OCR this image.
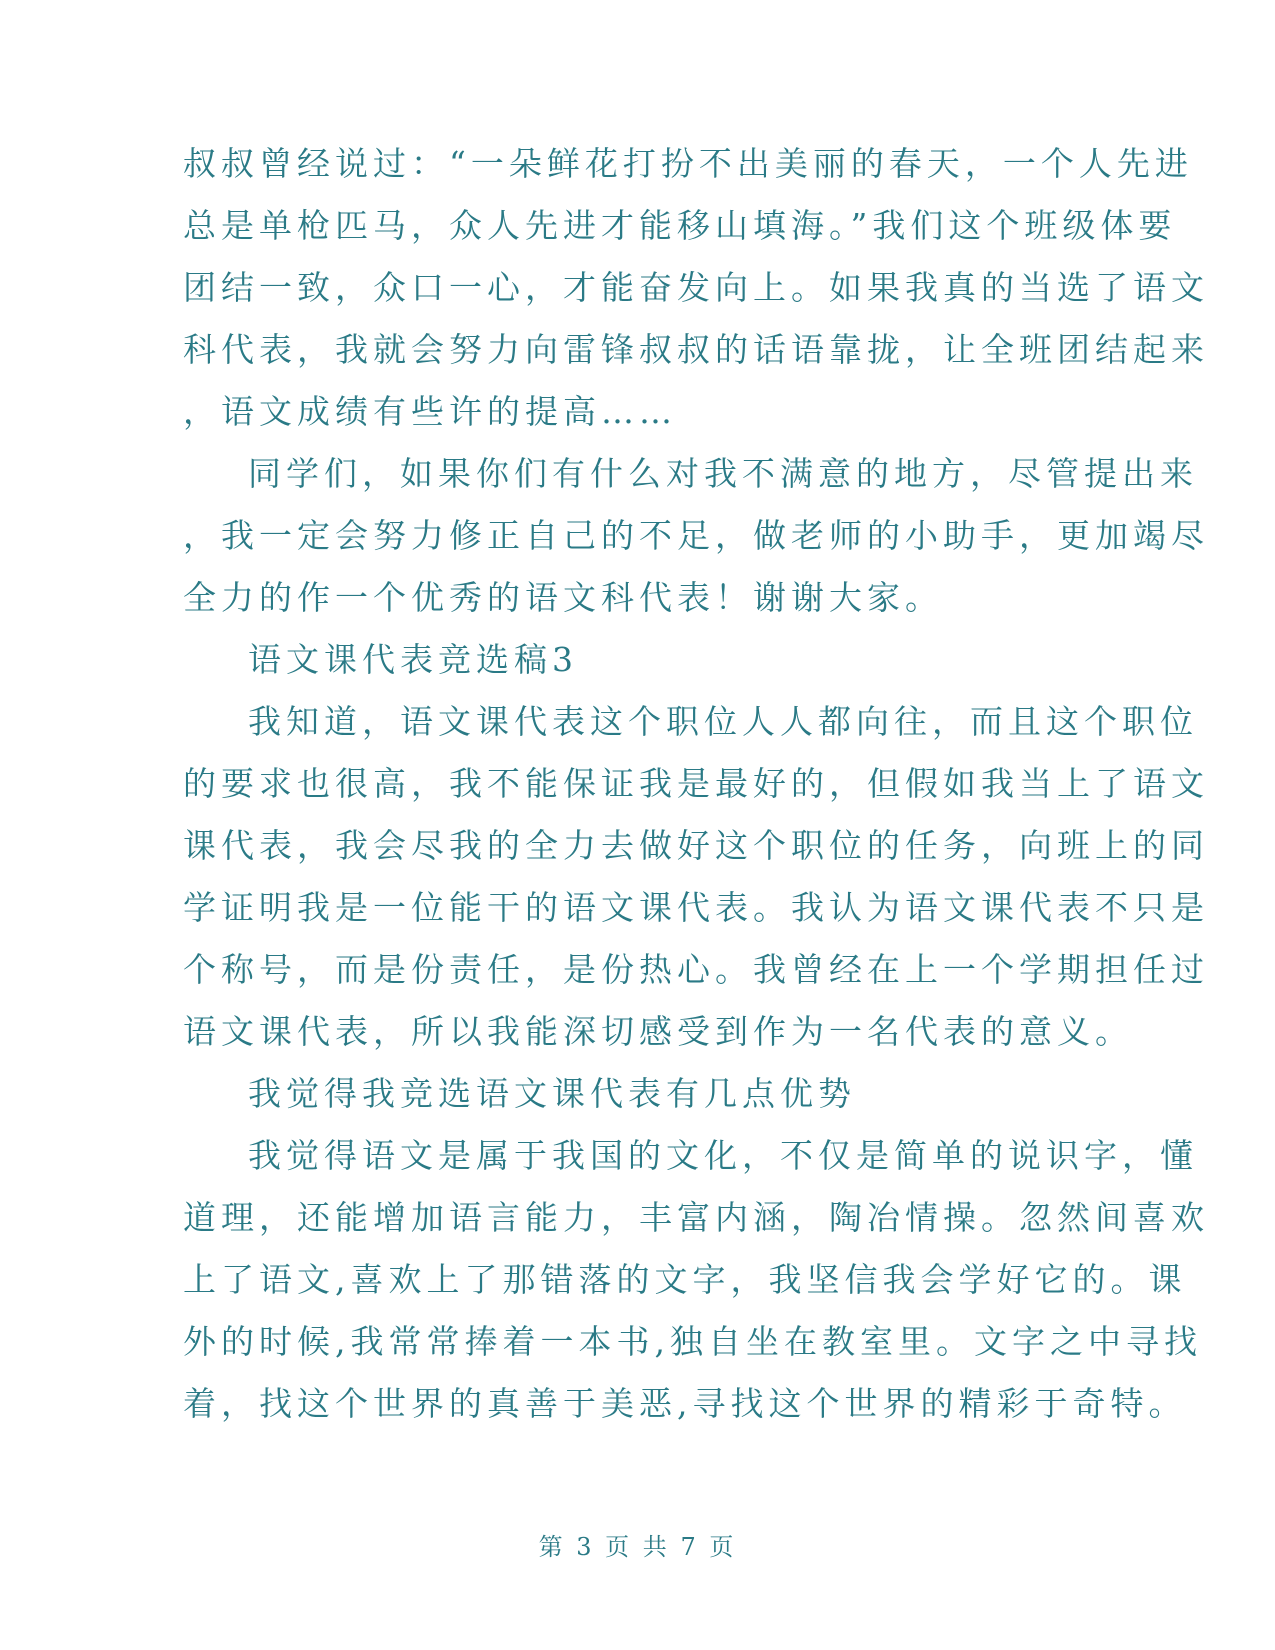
叔叔曾经说过：“一朵鲜花打扮不出美丽的春天，一个人先进
总是单枪匹马，众人先进才能移山填海。”我们这个班级体要
团结一致，众口一心，才能奋发向上。如果我真的当选了语文
科代表，我就会努力向雷锋叔叔的话语靠拢，让全班团结起来
，语文成绩有些许的提高……
同学们，如果你们有什么对我不满意的地方，尽管提出来
，我一定会努力修正自己的不足，做老师的小助手，更加竭尽
全力的作一个优秀的语文科代表！谢谢大家。
语文课代表竞选稿3
我知道，语文课代表这个职位人人都向往，而且这个职位
的要求也很高，我不能保证我是最好的，但假如我当上了语文
课代表，我会尽我的全力去做好这个职位的任务，向班上的同
学证明我是一位能干的语文课代表。我认为语文课代表不只是
个称号，而是份责任，是份热心。我曾经在上一个学期担任过
语文课代表，所以我能深切感受到作为一名代表的意义。
我觉得我竞选语文课代表有几点优势
我觉得语文是属于我国的文化，不仅是简单的说识字，懂
道理，还能增加语言能力，丰富内涵，陶冶情操。忽然间喜欢
上了语文,喜欢上了那错落的文字，我坚信我会学好它的。课
外的时候,我常常捧着一本书,独自坐在教室里。文字之中寻找
着，找这个世界的真善于美恶,寻找这个世界的精彩于奇特。
第 3 页 共 7 页
